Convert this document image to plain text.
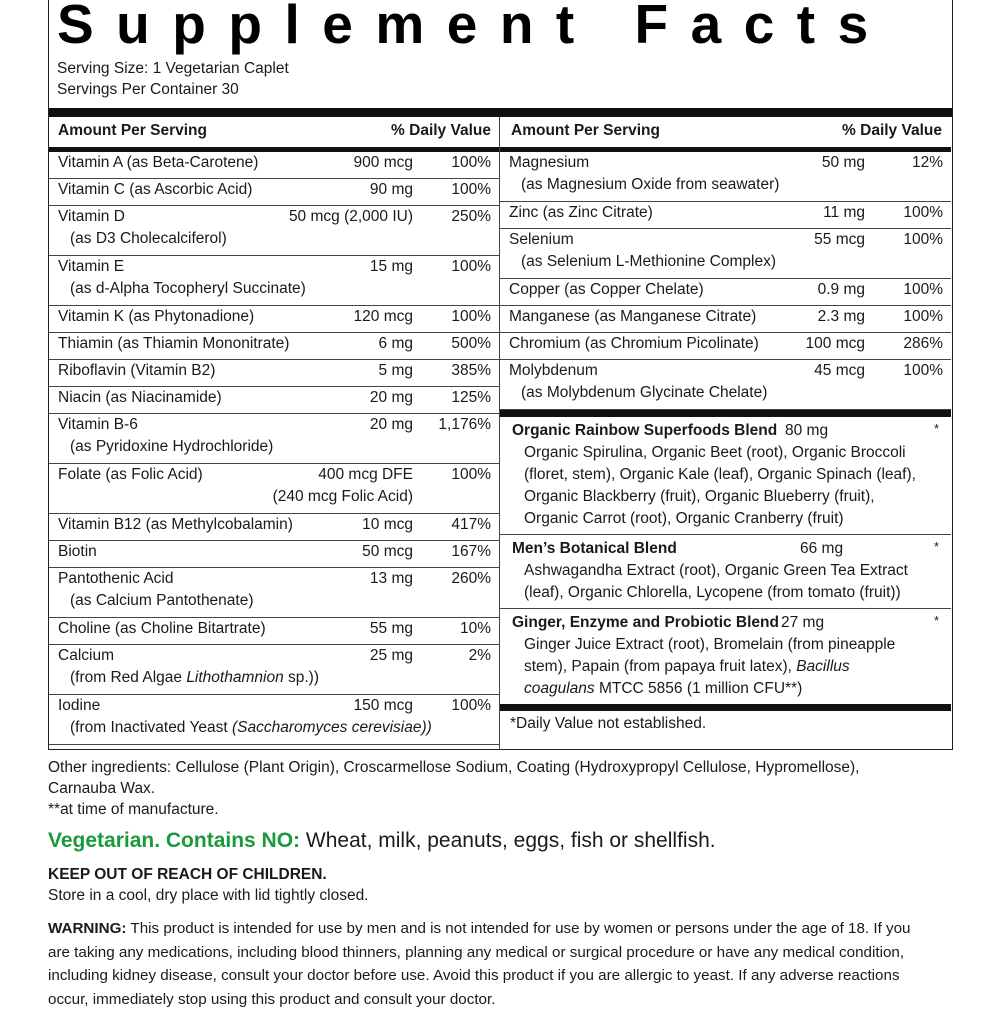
Supplement Facts
Serving Size: 1 Vegetarian Caplet
Servings Per Container 30
Amount Per Serving	% Daily Value
Vitamin A (as Beta-Carotene)	900 mcg 100%
Vitamin C (as Ascorbic Acid)	90 mg 100%
Vitamin D	50 mcg (2,000 IU) 250%
(as D3 Cholecalciferol)
Vitamin E	15 mg 100%
(as d-Alpha Tocopheryl Succinate)
Vitamin K (as Phytonadione)	120 mcg 100%
Thiamin (as Thiamin Mononitrate)	6 mg 500%
Riboflavin (Vitamin B2)	5 mg 385%
Niacin (as Niacinamide)	20 mg 125%
Vitamin B-6	20 mg 1,176%
(as Pyridoxine Hydrochloride)
Folate (as Folic Acid)	400 mcg DFE 100%
(240 mcg Folic Acid)
Vitamin B12 (as Methylcobalamin)	10 mcg 417%
Biotin	50 mcg 167%
Pantothenic Acid	13 mg 260%
(as Calcium Pantothenate)
Choline (as Choline Bitartrate)	55 mg	10%
Calcium	25 mg	2%
(from Red Algae Lithothamnion sp.))
Iodine	150 mcg 100%
(from Inactivated Yeast (Saccharomyces cerevisiae))
Amount Per Serving	% Daily Value
Magnesium	50 mg	12%
(as Magnesium Oxide from seawater)
Zinc (as Zinc Citrate)	11 mg 100%
Selenium	55 mcg 100%
(as Selenium L-Methionine Complex)
Copper (as Copper Chelate)	0.9 mg 100%
Manganese (as Manganese Citrate)	2.3 mg 100%
Chromium (as Chromium Picolinate)	100 mcg 286%
Molybdenum	45 mcg 100%
(as Molybdenum Glycinate Chelate)
Organic Rainbow Superfoods Blend 80 mg	*
Organic Spirulina, Organic Beet (root), Organic Broccoli
(floret, stem), Organic Kale (leaf), Organic Spinach (leaf),
Organic Blackberry (fruit), Organic Blueberry (fruit),
Organic Carrot (root), Organic Cranberry (fruit)
Men’s Botanical Blend	66 mg	*
Ashwagandha Extract (root), Organic Green Tea Extract
(leaf), Organic Chlorella, Lycopene (from tomato (fruit))
Ginger, Enzyme and Probiotic Blend 27 mg	*
Ginger Juice Extract (root), Bromelain (from pineapple
stem), Papain (from papaya fruit latex), Bacillus
coagulans MTCC 5856 (1 million CFU**)
*Daily Value not established.
Other ingredients: Cellulose (Plant Origin), Croscarmellose Sodium, Coating (Hydroxypropyl Cellulose, Hypromellose),
Carnauba Wax.
**at time of manufacture.
Vegetarian. Contains NO: Wheat, milk, peanuts, eggs, fish or shellfish.
KEEP OUT OF REACH OF CHILDREN.
Store in a cool, dry place with lid tightly closed.
WARNING: This product is intended for use by men and is not intended for use by women or persons under the age of 18. If you
are taking any medications, including blood thinners, planning any medical or surgical procedure or have any medical condition,
including kidney disease, consult your doctor before use. Avoid this product if you are allergic to yeast. If any adverse reactions
occur, immediately stop using this product and consult your doctor.
